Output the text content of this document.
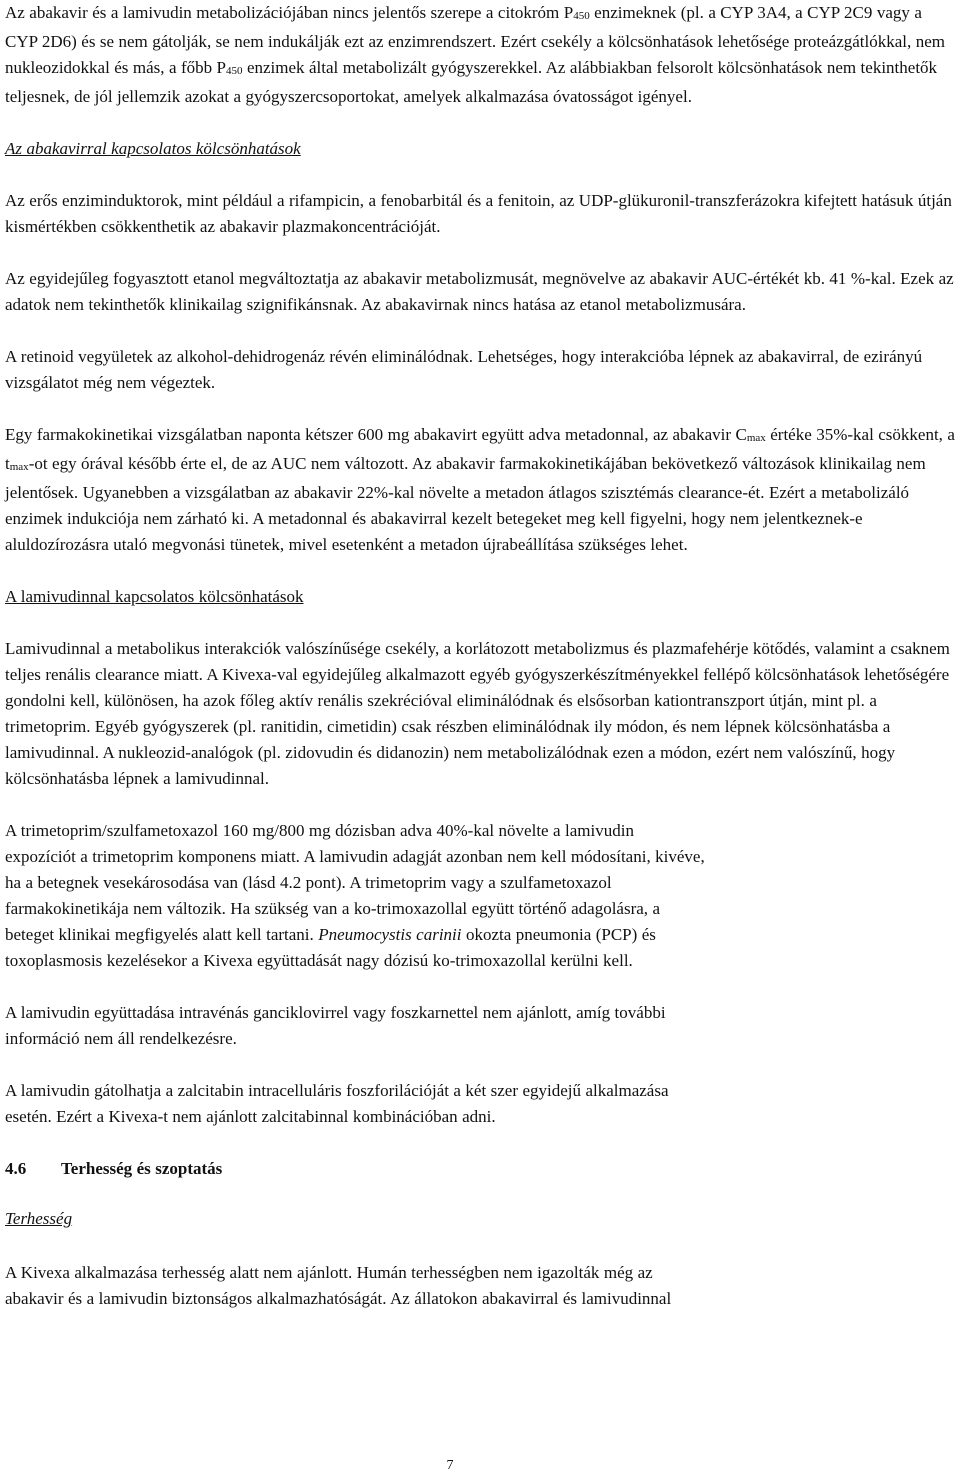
Az abakavir és a lamivudin metabolizációjában nincs jelentős szerepe a citokróm P450 enzimeknek (pl. a CYP 3A4, a CYP 2C9 vagy a CYP 2D6) és se nem gátolják, se nem indukálják ezt az enzimrendszert. Ezért csekély a kölcsönhatások lehetősége proteázgátlókkal, nem nukleozidokkal és más, a főbb P450 enzimek által metabolizált gyógyszerekkel. Az alábbiakban felsorolt kölcsönhatások nem tekinthetők teljesnek, de jól jellemzik azokat a gyógyszercsoportokat, amelyek alkalmazása óvatosságot igényel.

Az abakavirral kapcsolatos kölcsönhatások

Az erős enziminduktorok, mint például a rifampicin, a fenobarbitál és a fenitoin, az UDP-glükuronil-transzferázokra kifejtett hatásuk útján kismértékben csökkenthetik az abakavir plazmakoncentrációját.

Az egyidejűleg fogyasztott etanol megváltoztatja az abakavir metabolizmusát, megnövelve az abakavir AUC-értékét kb. 41 %-kal. Ezek az adatok nem tekinthetők klinikailag szignifikánsnak. Az abakavirnak nincs hatása az etanol metabolizmusára.

A retinoid vegyületek az alkohol-dehidrogenáz révén eliminálódnak. Lehetséges, hogy interakcióba lépnek az abakavirral, de ezirányú vizsgálatot még nem végeztek.

Egy farmakokinetikai vizsgálatban naponta kétszer 600 mg abakavirt együtt adva metadonnal, az abakavir Cmax értéke 35%-kal csökkent, a tmax-ot egy órával később érte el, de az AUC nem változott. Az abakavir farmakokinetikájában bekövetkező változások klinikailag nem jelentősek. Ugyanebben a vizsgálatban az abakavir 22%-kal növelte a metadon átlagos szisztémás clearance-ét. Ezért a metabolizáló enzimek indukciója nem zárható ki. A metadonnal és abakavirral kezelt betegeket meg kell figyelni, hogy nem jelentkeznek-e aluldozírozásra utaló megvonási tünetek, mivel esetenként a metadon újrabeállítása szükséges lehet.

A lamivudinnal kapcsolatos kölcsönhatások

Lamivudinnal a metabolikus interakciók valószínűsége csekély, a korlátozott metabolizmus és plazmafehérje kötődés, valamint a csaknem teljes renális clearance miatt. A Kivexa-val egyidejűleg alkalmazott egyéb gyógyszerkészítményekkel fellépő kölcsönhatások lehetőségére gondolni kell, különösen, ha azok főleg aktív renális szekrécióval eliminálódnak és elsősorban kationtranszport útján, mint pl. a trimetoprim. Egyéb gyógyszerek (pl. ranitidin, cimetidin) csak részben eliminálódnak ily módon, és nem lépnek kölcsönhatásba a lamivudinnal. A nukleozid-analógok (pl. zidovudin és didanozin) nem metabolizálódnak ezen a módon, ezért nem valószínű, hogy kölcsönhatásba lépnek a lamivudinnal.

A trimetoprim/szulfametoxazol 160 mg/800 mg dózisban adva 40%-kal növelte a lamivudin
expozíciót a trimetoprim komponens miatt. A lamivudin adagját azonban nem kell módosítani, kivéve,
ha a betegnek vesekárosodása van (lásd 4.2 pont). A trimetoprim vagy a szulfametoxazol
farmakokinetikája nem változik. Ha szükség van a ko-trimoxazollal együtt történő adagolásra, a
beteget klinikai megfigyelés alatt kell tartani. Pneumocystis carinii okozta pneumonia (PCP) és
toxoplasmosis kezelésekor a Kivexa együttadását nagy dózisú ko-trimoxazollal kerülni kell.

A lamivudin együttadása intravénás ganciklovirrel vagy foszkarnettel nem ajánlott, amíg további
információ nem áll rendelkezésre.

A lamivudin gátolhatja a zalcitabin intracelluláris foszforilációját a két szer egyidejű alkalmazása
esetén. Ezért a Kivexa-t nem ajánlott zalcitabinnal kombinációban adni.

4.6 Terhesség és szoptatás

Terhesség

A Kivexa alkalmazása terhesség alatt nem ajánlott. Humán terhességben nem igazolták még az
abakavir és a lamivudin biztonságos alkalmazhatóságát. Az állatokon abakavirral és lamivudinnal

7
